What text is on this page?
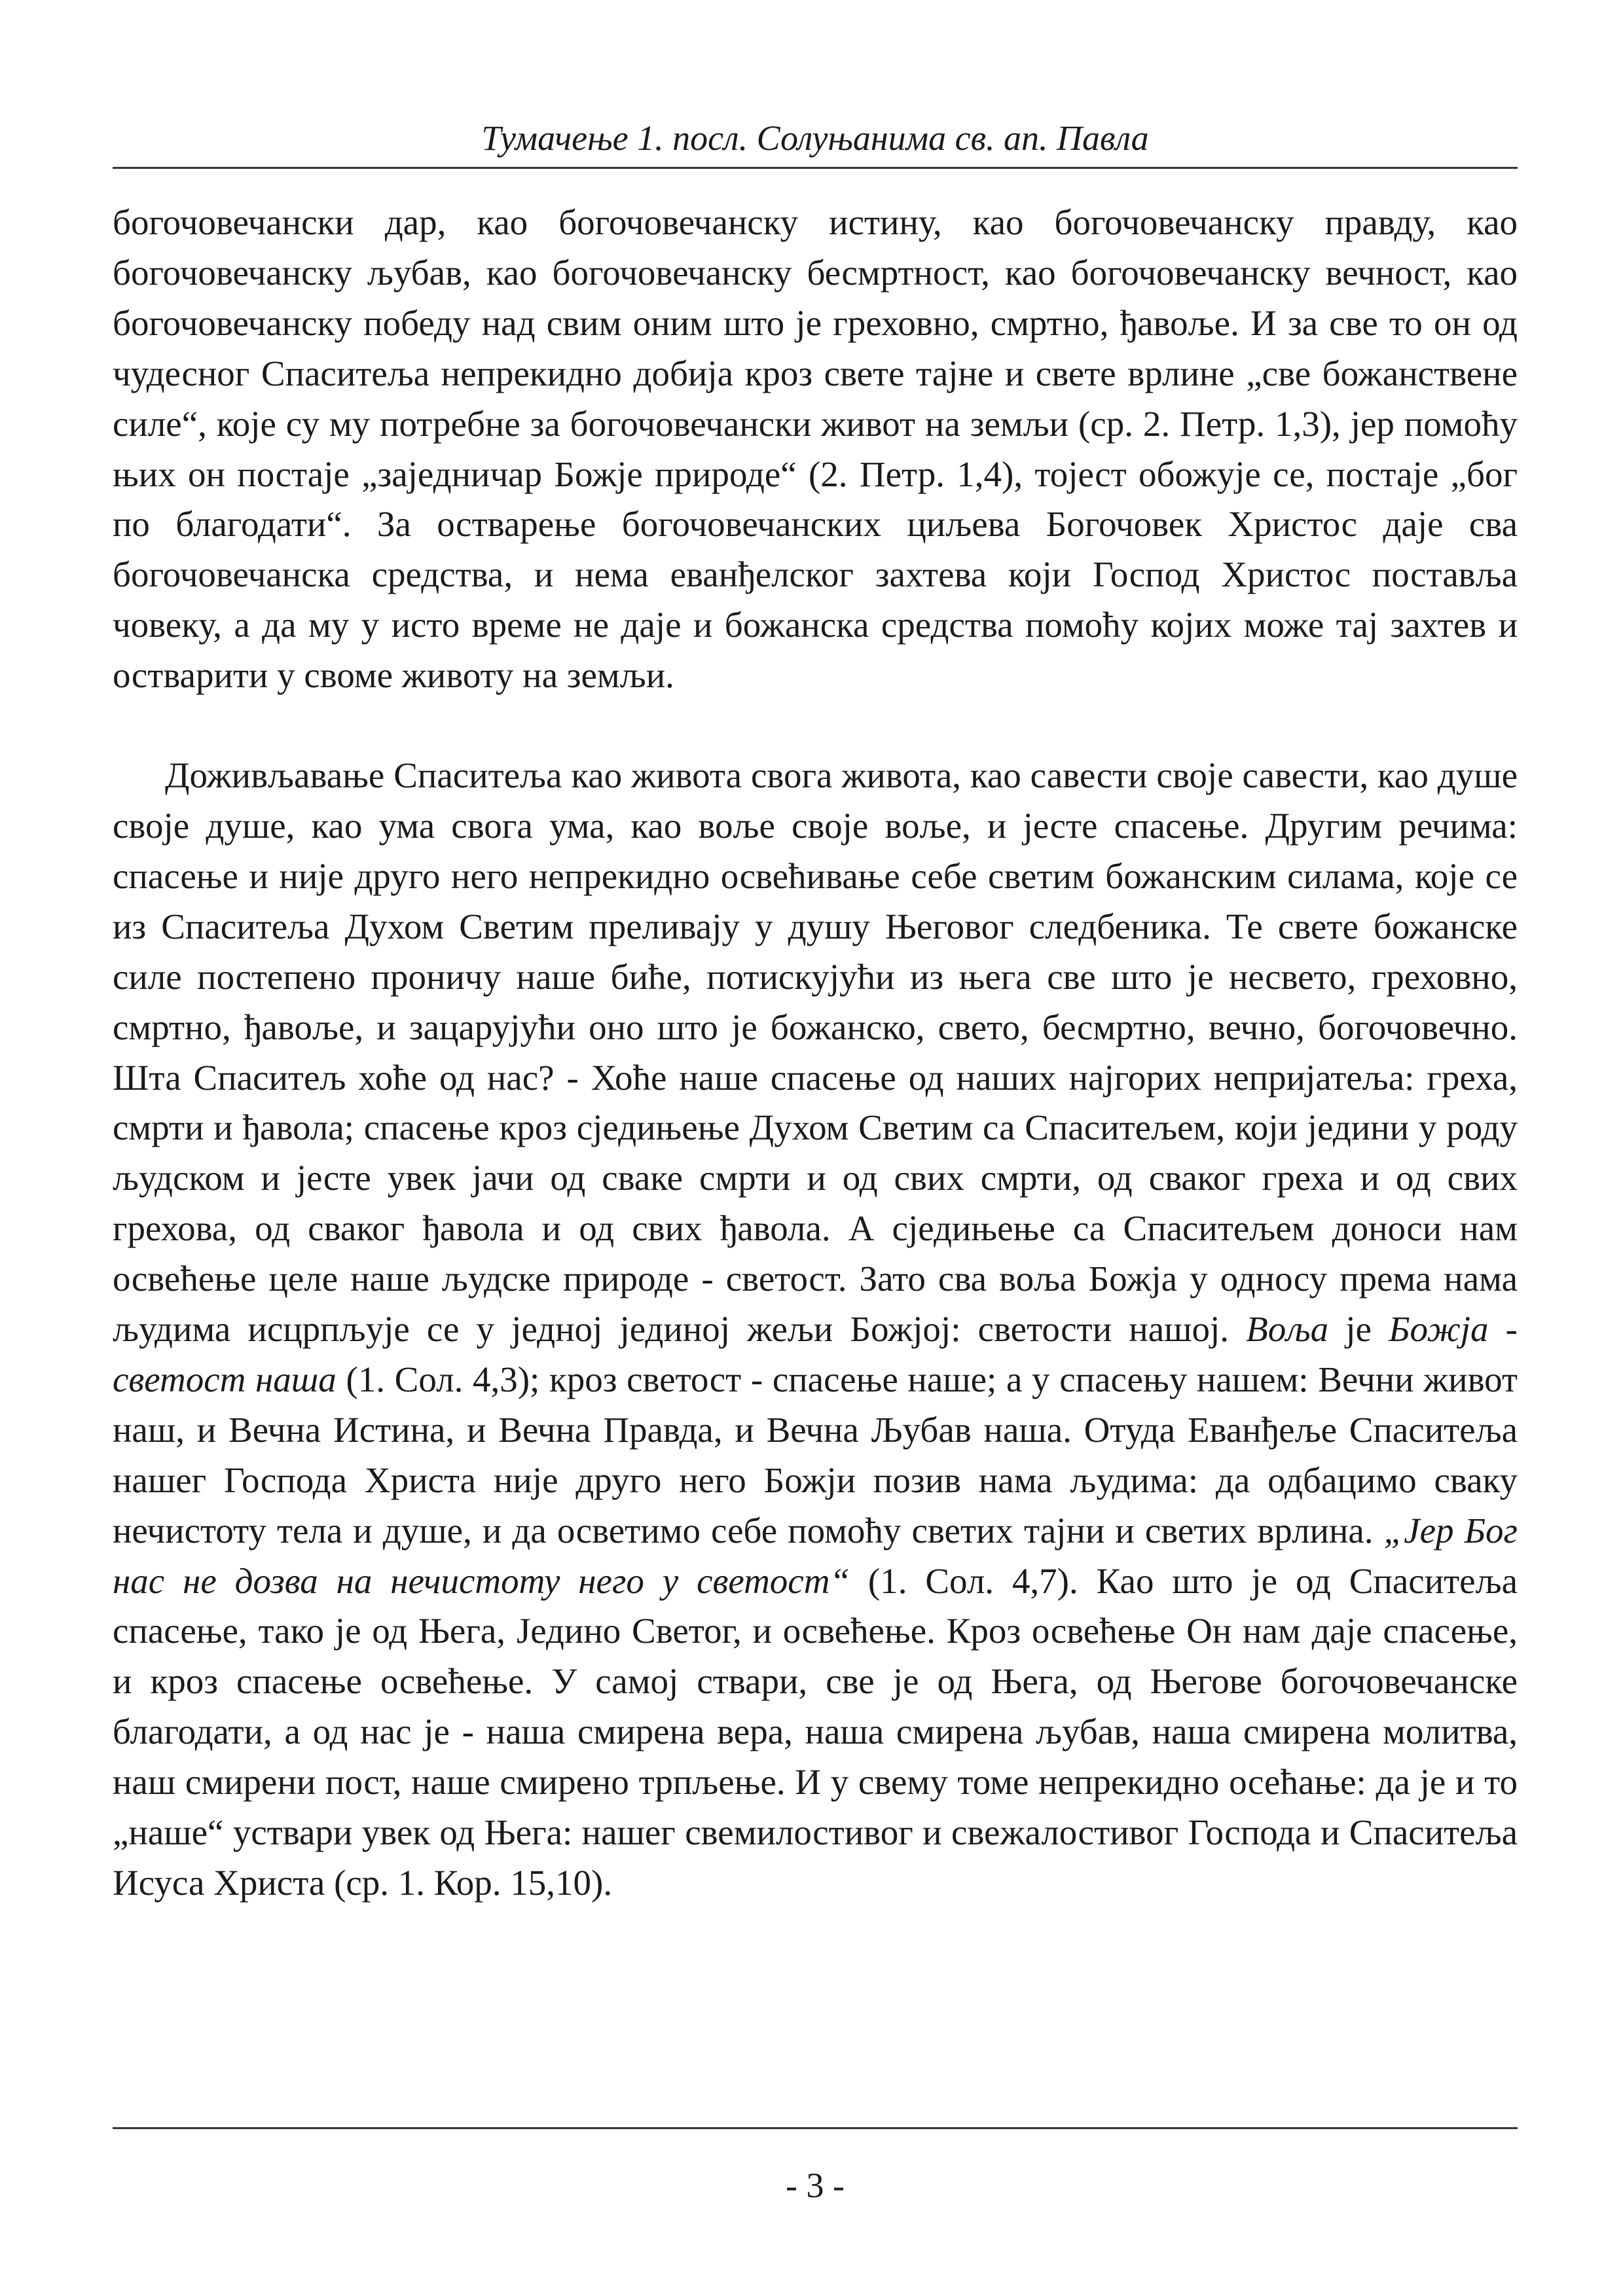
Тумачење 1. посл. Солуњанима св. ап. Павла

богочовечански дар, као богочовечанску истину, као богочовечанску правду, као богочовечанску љубав, као богочовечанску бесмртност, као богочовечанску вечност, као богочовечанску победу над свим оним што је греховно, смртно, ђавоље. И за све то он од чудесног Спаситеља непрекидно добија кроз свете тајне и свете врлине „све божанствене силе“, које су му потребне за богочовечански живот на земљи (ср. 2. Петр. 1,3), јер помоћу њих он постаје „заједничар Божје природе“ (2. Петр. 1,4), тојест обожује се, постаје „бог по благодати“. За остварење богочовечанских циљева Богочовек Христос даје сва богочовечанска средства, и нема еванђелског захтева који Господ Христос поставља човеку, а да му у исто време не даје и божанска средства помоћу којих може тај захтев и остварити у своме животу на земљи.

Доживљавање Спаситеља као живота свога живота, као савести своје савести, као душе своје душе, као ума свога ума, као воље своје воље, и јесте спасење. Другим речима: спасење и није друго него непрекидно освећивање себе светим божанским силама, које се из Спаситеља Духом Светим преливају у душу Његовог следбеника. Те свете божанске силе постепено проничу наше биће, потискујући из њега све што је несвето, греховно, смртно, ђавоље, и зацарујући оно што је божанско, свето, бесмртно, вечно, богочовечно. Шта Спаситељ хоће од нас? - Хоће наше спасење од наших најгорих непријатеља: греха, смрти и ђавола; спасење кроз сједињење Духом Светим са Спаситељем, који једини у роду људском и јесте увек јачи од сваке смрти и од свих смрти, од сваког греха и од свих грехова, од сваког ђавола и од свих ђавола. А сједињење са Спаситељем доноси нам освећење целе наше људске природе - светост. Зато сва воља Божја у односу према нама људима исцрпљује се у једној јединој жељи Божјој: светости нашој. Воља је Божја - светост наша (1. Сол. 4,3); кроз светост - спасење наше; а у спасењу нашем: Вечни живот наш, и Вечна Истина, и Вечна Правда, и Вечна Љубав наша. Отуда Еванђеље Спаситеља нашег Господа Христа није друго него Божји позив нама људима: да одбацимо сваку нечистоту тела и душе, и да осветимо себе помоћу светих тајни и светих врлина. „Јер Бог нас не дозва на нечистоту него у светост“ (1. Сол. 4,7). Као што је од Спаситеља спасење, тако је од Њега, Једино Светог, и освећење. Кроз освећење Он нам даје спасење, и кроз спасење освећење. У самој ствари, све је од Њега, од Његове богочовечанске благодати, а од нас је - наша смирена вера, наша смирена љубав, наша смирена молитва, наш смирени пост, наше смирено трпљење. И у свему томе непрекидно осећање: да је и то „наше“ уствари увек од Њега: нашег свемилостивог и свежалостивог Господа и Спаситеља Исуса Христа (ср. 1. Кор. 15,10).

- 3 -
